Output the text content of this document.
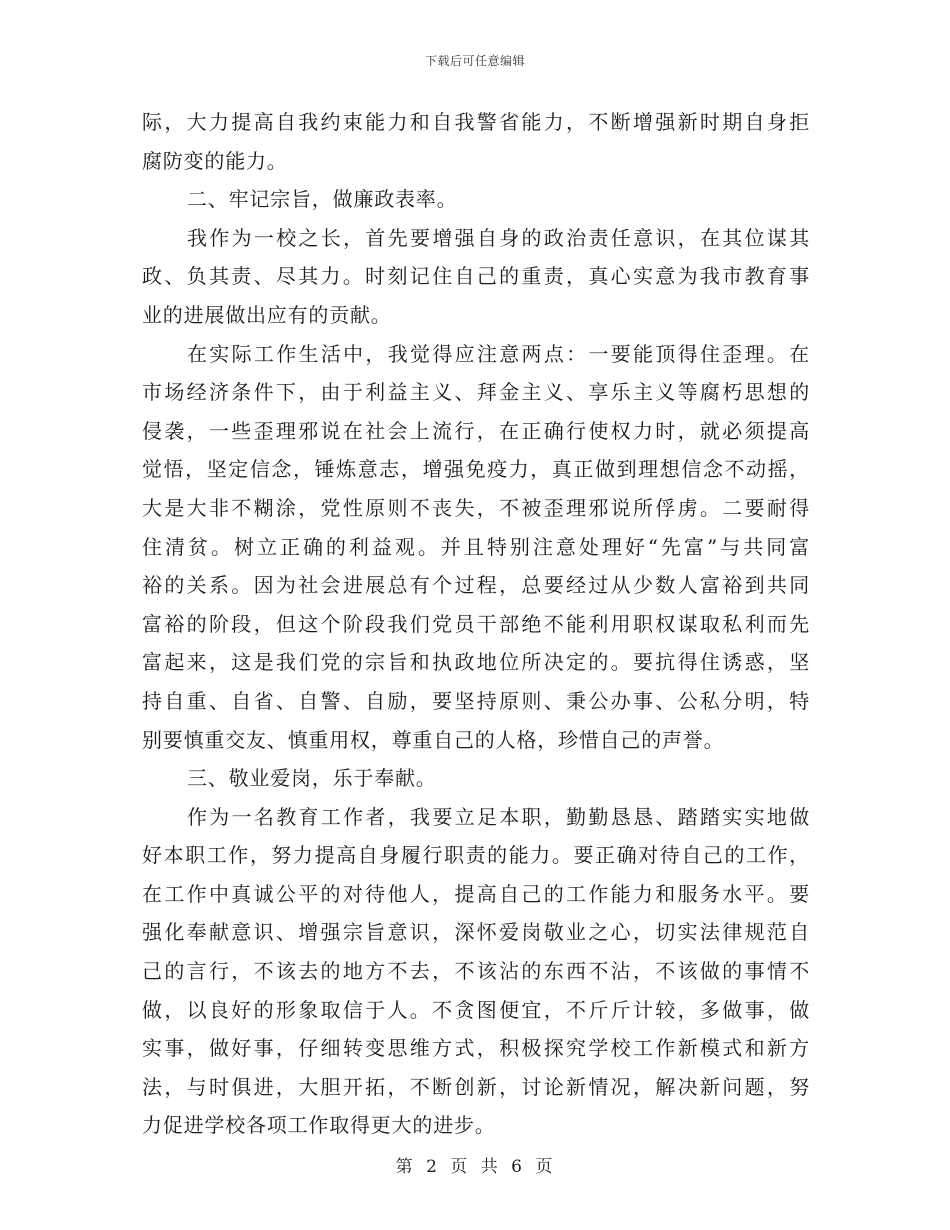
下载后可任意编辑
际，大力提高自我约束能力和自我警省能力，不断增强新时期自身拒
腐防变的能力。
二、牢记宗旨，做廉政表率。
我作为一校之长，首先要增强自身的政治责任意识，在其位谋其
政、负其责、尽其力。时刻记住自己的重责，真心实意为我市教育事
业的进展做出应有的贡献。
在实际工作生活中，我觉得应注意两点：一要能顶得住歪理。在
市场经济条件下，由于利益主义、拜金主义、享乐主义等腐朽思想的
侵袭，一些歪理邪说在社会上流行，在正确行使权力时，就必须提高
觉悟，坚定信念，锤炼意志，增强免疫力，真正做到理想信念不动摇，
大是大非不糊涂，党性原则不丧失，不被歪理邪说所俘虏。二要耐得
住清贫。树立正确的利益观。并且特别注意处理好“先富”与共同富
裕的关系。因为社会进展总有个过程，总要经过从少数人富裕到共同
富裕的阶段，但这个阶段我们党员干部绝不能利用职权谋取私利而先
富起来，这是我们党的宗旨和执政地位所决定的。要抗得住诱惑，坚
持自重、自省、自警、自励，要坚持原则、秉公办事、公私分明，特
别要慎重交友、慎重用权，尊重自己的人格，珍惜自己的声誉。
三、敬业爱岗，乐于奉献。
作为一名教育工作者，我要立足本职，勤勤恳恳、踏踏实实地做
好本职工作，努力提高自身履行职责的能力。要正确对待自己的工作，
在工作中真诚公平的对待他人，提高自己的工作能力和服务水平。要
强化奉献意识、增强宗旨意识，深怀爱岗敬业之心，切实法律规范自
己的言行，不该去的地方不去，不该沾的东西不沾，不该做的事情不
做，以良好的形象取信于人。不贪图便宜，不斤斤计较，多做事，做
实事，做好事，仔细转变思维方式，积极探究学校工作新模式和新方
法，与时俱进，大胆开拓，不断创新，讨论新情况，解决新问题，努
力促进学校各项工作取得更大的进步。
第 2 页 共 6 页
